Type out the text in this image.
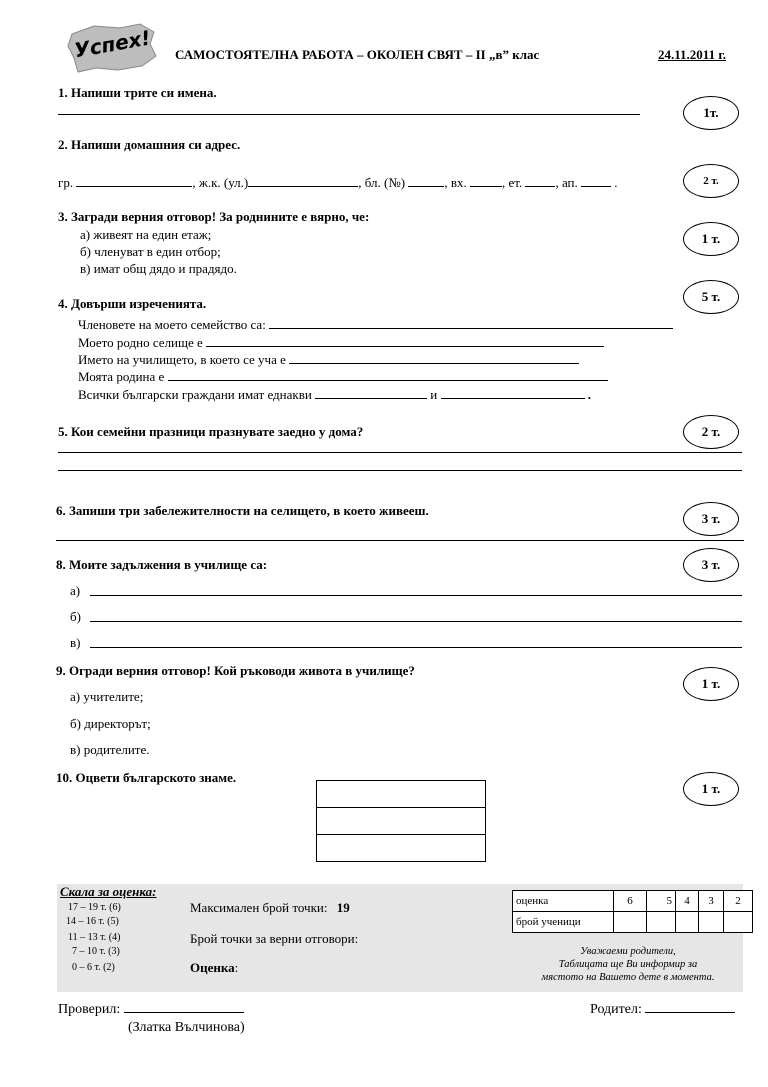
Успех! САМОСТОЯТЕЛНА РАБОТА – ОКОЛЕН СВЯТ – II „в” клас	24.11.2011 г.
1. Напиши трите си имена.
1т.
2. Напиши домашния си адрес.
гр.	, ж.к. (ул.)	, бл. (№)	, вх.	, ет.	, ап.	.	2 т.
3. Загради верния отговор! За роднините е вярно, че:
а) живеят на един етаж;
б) членуват в един отбор;
в) имат общ дядо и прадядо.
1 т.
4. Довърши изреченията.	5 т.
Членовете на моето семейство са:
Моето родно селище е
Името на училището, в което се уча е
Моята родина е
Всички български граждани имат еднакви	и	.
5. Кои семейни празници празнувате заедно у дома?	2 т.
6. Запиши три забележителности на селището, в което живееш.
3 т.
8. Моите задължения в училище са:	3 т.
а)
б)
в)
9. Огради верния отговор! Кой ръководи живота в училище?
1 т.
а) учителите;
б) директорът;
в) родителите.
10. Оцвети българското знаме.
1 т.
Скала за оценка:
17 – 19 т. (6)
14 – 16 т. (5)
11 – 13 т. (4)
7 – 10 т. (3)
0 – 6 т. (2)
Максимален брой точки: 19
Брой точки за верни отговори:
Оценка:
оценка	6	5	4	3	2
брой ученици					
Уважаеми родители,
Таблицата ще Ви информир за
мястото на Вашето дете в момента.
Проверил:
(Златка Вълчинова)
Родител:
